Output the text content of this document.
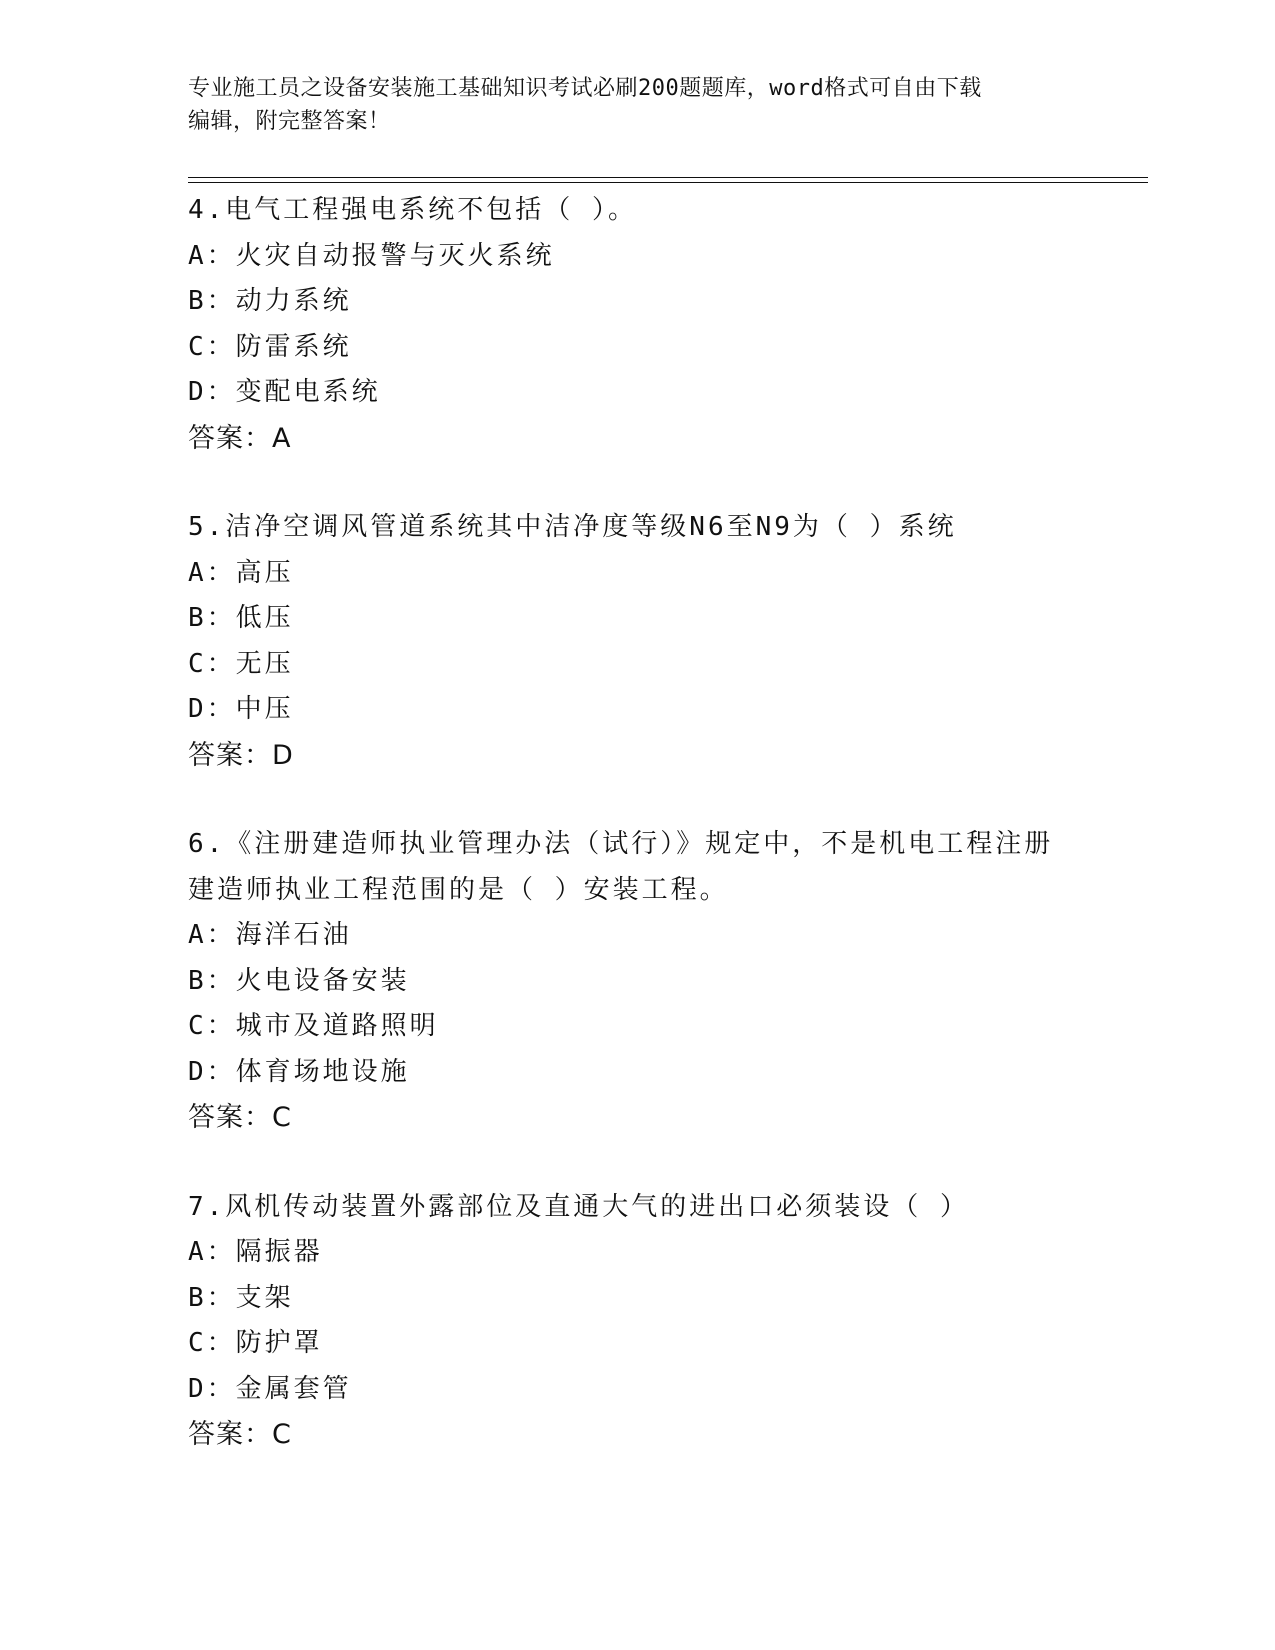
专业施工员之设备安装施工基础知识考试必刷200题题库，word格式可自由下载
编辑，附完整答案！
4.电气工程强电系统不包括（ ）。
A：火灾自动报警与灭火系统
B：动力系统
C：防雷系统
D：变配电系统
答案：A
5.洁净空调风管道系统其中洁净度等级N6至N9为（ ）系统
A：高压
B：低压
C：无压
D：中压
答案：D
6.《注册建造师执业管理办法（试行）》规定中，不是机电工程注册
建造师执业工程范围的是（ ）安装工程。
A：海洋石油
B：火电设备安装
C：城市及道路照明
D：体育场地设施
答案：C
7.风机传动装置外露部位及直通大气的进出口必须装设（ ）
A：隔振器
B：支架
C：防护罩
D：金属套管
答案：C
